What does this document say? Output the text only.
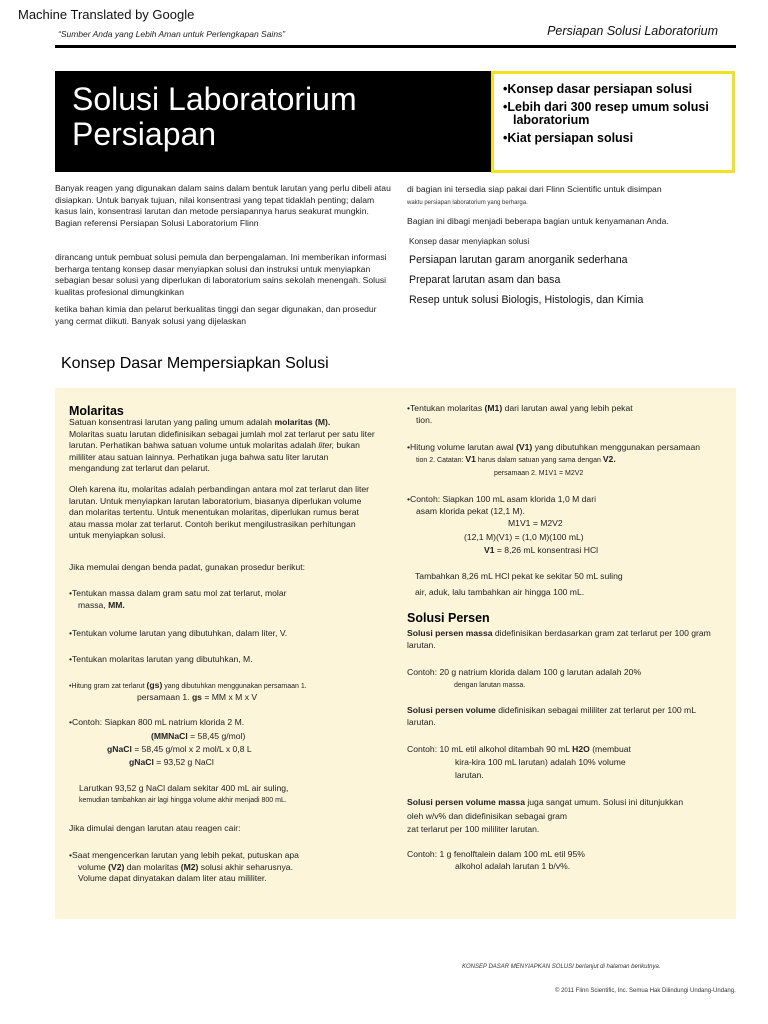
Machine Translated by Google
“Sumber Anda yang Lebih Aman untuk Perlengkapan Sains”	Persiapan Solusi Laboratorium
Solusi Laboratorium
Persiapan
•Konsep dasar persiapan solusi
•Lebih dari 300 resep umum solusi laboratorium
•Kiat persiapan solusi
Banyak reagen yang digunakan dalam sains dalam bentuk larutan yang perlu dibeli atau disiapkan. Untuk banyak tujuan, nilai konsentrasi yang tepat tidaklah penting; dalam kasus lain, konsentrasi larutan dan metode persiapannya harus seakurat mungkin. Bagian referensi Persiapan Solusi Laboratorium Flinn
dirancang untuk pembuat solusi pemula dan berpengalaman. Ini memberikan informasi berharga tentang konsep dasar menyiapkan solusi dan instruksi untuk menyiapkan sebagian besar solusi yang diperlukan di laboratorium sains sekolah menengah. Solusi kualitas profesional dimungkinkan
ketika bahan kimia dan pelarut berkualitas tinggi dan segar digunakan, dan prosedur yang cermat diikuti. Banyak solusi yang dijelaskan
di bagian ini tersedia siap pakai dari Flinn Scientific untuk disimpan
waktu persiapan laboratorium yang berharga.
Bagian ini dibagi menjadi beberapa bagian untuk kenyamanan Anda.
Konsep dasar menyiapkan solusi
Persiapan larutan garam anorganik sederhana
Preparat larutan asam dan basa
Resep untuk solusi Biologis, Histologis, dan Kimia
Konsep Dasar Mempersiapkan Solusi
Molaritas
Satuan konsentrasi larutan yang paling umum adalah molaritas (M).
Molaritas suatu larutan didefinisikan sebagai jumlah mol zat terlarut per satu liter larutan. Perhatikan bahwa satuan volume untuk molaritas adalah liter, bukan mililiter atau satuan lainnya. Perhatikan juga bahwa satu liter larutan mengandung zat terlarut dan pelarut.
Oleh karena itu, molaritas adalah perbandingan antara mol zat terlarut dan liter larutan. Untuk menyiapkan larutan laboratorium, biasanya diperlukan volume dan molaritas tertentu. Untuk menentukan molaritas, diperlukan rumus berat atau massa molar zat terlarut. Contoh berikut mengilustrasikan perhitungan untuk menyiapkan solusi.
Jika memulai dengan benda padat, gunakan prosedur berikut:
•Tentukan massa dalam gram satu mol zat terlarut, molar
massa, MM.
•Tentukan volume larutan yang dibutuhkan, dalam liter, V.
•Tentukan molaritas larutan yang dibutuhkan, M.
•Hitung gram zat terlarut (gs) yang dibutuhkan menggunakan persamaan 1.
persamaan 1. gs = MM x M x V
•Contoh: Siapkan 800 mL natrium klorida 2 M.
(MMNaCl = 58,45 g/mol)
gNaCl = 58,45 g/mol x 2 mol/L x 0,8 L
gNaCl = 93,52 g NaCl
Larutkan 93,52 g NaCl dalam sekitar 400 mL air suling,
kemudian tambahkan air lagi hingga volume akhir menjadi 800 mL.
Jika dimulai dengan larutan atau reagen cair:
•Saat mengencerkan larutan yang lebih pekat, putuskan apa
volume (V2) dan molaritas (M2) solusi akhir seharusnya.
Volume dapat dinyatakan dalam liter atau mililiter.
•Tentukan molaritas (M1) dari larutan awal yang lebih pekat
tion.
•Hitung volume larutan awal (V1) yang dibutuhkan menggunakan persamaan
tion 2. Catatan: V1 harus dalam satuan yang sama dengan V2.
persamaan 2. M1V1 = M2V2
•Contoh: Siapkan 100 mL asam klorida 1,0 M dari
asam klorida pekat (12,1 M).
M1V1 = M2V2
(12,1 M)(V1) = (1,0 M)(100 mL)
V1 = 8,26 mL konsentrasi HCl
Tambahkan 8,26 mL HCl pekat ke sekitar 50 mL suling
air, aduk, lalu tambahkan air hingga 100 mL.
Solusi Persen
Solusi persen massa didefinisikan berdasarkan gram zat terlarut per 100 gram larutan.
Contoh: 20 g natrium klorida dalam 100 g larutan adalah 20%
dengan larutan massa.
Solusi persen volume didefinisikan sebagai mililiter zat terlarut per 100 mL larutan.
Contoh: 10 mL etil alkohol ditambah 90 mL H2O (membuat
kira-kira 100 mL larutan) adalah 10% volume
larutan.
Solusi persen volume massa juga sangat umum. Solusi ini ditunjukkan
oleh w/v% dan didefinisikan sebagai gram
zat terlarut per 100 mililiter larutan.
Contoh: 1 g fenolftalein dalam 100 mL etil 95%
alkohol adalah larutan 1 b/v%.
KONSEP DASAR MENYIAPKAN SOLUSI berlanjut di halaman berikutnya.
© 2011 Flinn Scientific, Inc. Semua Hak Dilindungi Undang-Undang.
